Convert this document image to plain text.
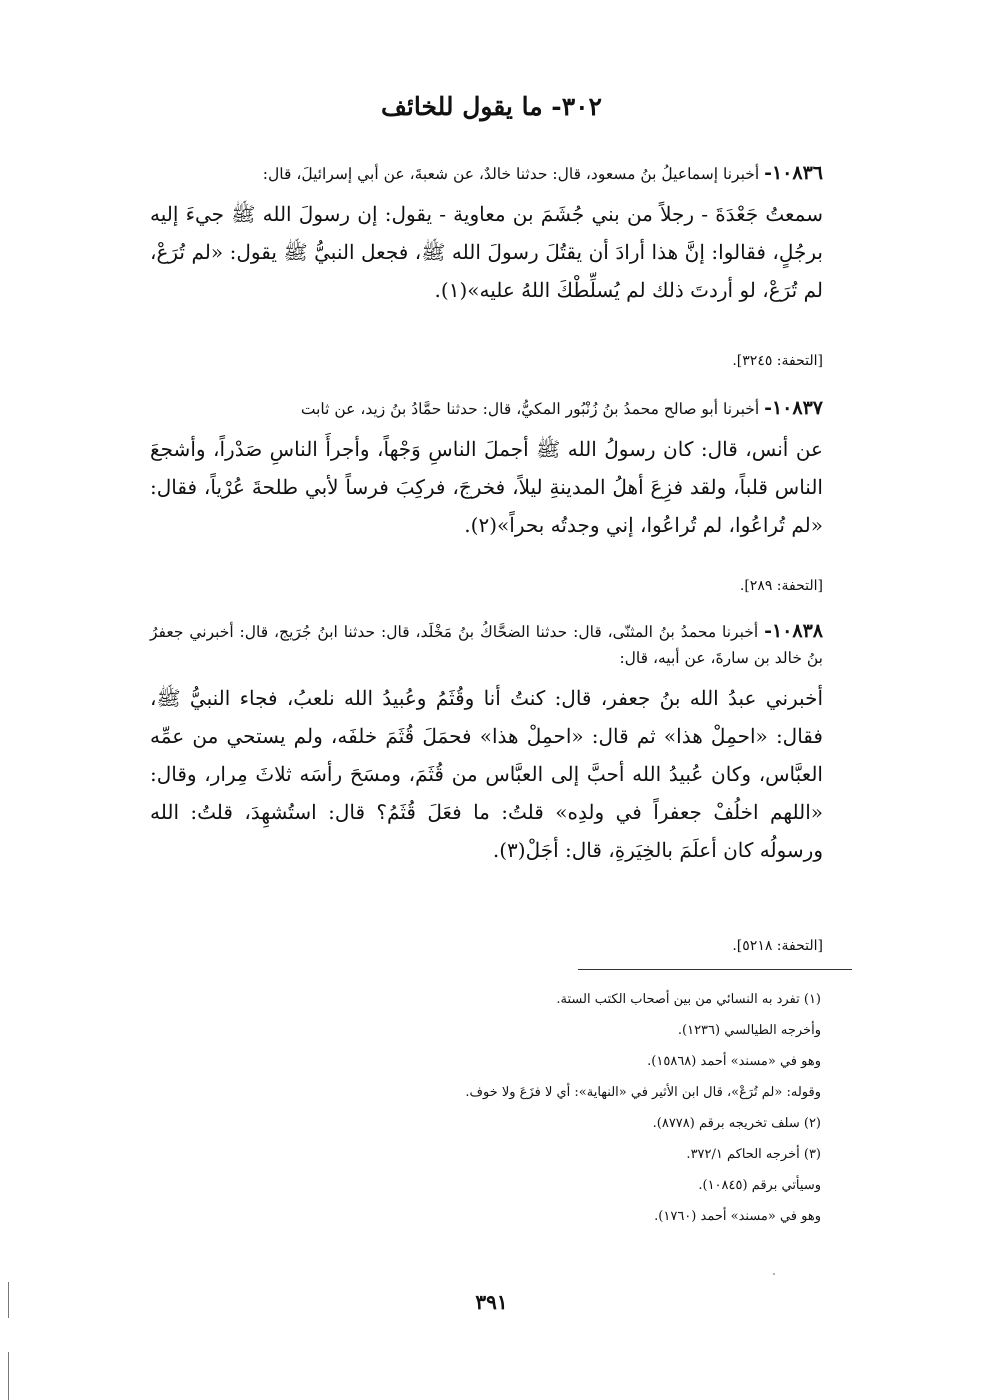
٣٠٢- ما يقول للخائف
١٠٨٣٦- أخبرنا إسماعيلُ بنُ مسعود، قال: حدثنا خالدٌ، عن شعبةَ، عن أبي إسرائيلَ، قال:
سمعتُ جَعْدَةَ - رجلاً من بني جُشَمَ بن معاوية - يقول: إن رسولَ الله ﷺ جيءَ إليه برجُلٍ، فقالوا: إنَّ هذا أرادَ أن يقتُلَ رسولَ الله ﷺ، فجعل النبيُّ ﷺ يقول: «لم تُرَعْ، لم تُرَعْ، لو أردتَ ذلك لم يُسلِّطْكَ اللهُ عليه»(١).
[التحفة: ٣٢٤٥].
١٠٨٣٧- أخبرنا أبو صالح محمدُ بنُ زُنْبُور المكيُّ، قال: حدثنا حمَّادُ بنُ زيد، عن ثابت
عن أنس، قال: كان رسولُ الله ﷺ أجملَ الناسِ وَجْهاً، وأجرأَ الناسِ صَدْراً، وأشجعَ الناس قلباً، ولقد فزِعَ أهلُ المدينةِ ليلاً، فخرجَ، فركِبَ فرساً لأبي طلحةَ عُرْياً، فقال: «لم تُراعُوا، لم تُراعُوا، إني وجدتُه بحراً»(٢).
[التحفة: ٢٨٩].
١٠٨٣٨- أخبرنا محمدُ بنُ المثنّى، قال: حدثنا الضحَّاكُ بنُ مَخْلَد، قال: حدثنا ابنُ جُرَيج، قال: أخبرني جعفرُ بنُ خالد بن سارةَ، عن أبيه، قال:
أخبرني عبدُ الله بنُ جعفر، قال: كنتُ أنا وقُثَمُ وعُبيدُ الله نلعبُ، فجاء النبيُّ ﷺ، فقال: «احمِلْ هذا» ثم قال: «احمِلْ هذا» فحمَلَ قُثَمَ خلفَه، ولم يستحي من عمِّه العبَّاس، وكان عُبيدُ الله أحبَّ إلى العبَّاس من قُثَمَ، ومسَحَ رأسَه ثلاثَ مِرار، وقال: «اللهم اخلُفْ جعفراً في ولدِه» قلتُ: ما فعَلَ قُثَمُ؟ قال: استُشهِدَ، قلتُ: الله ورسولُه كان أعلَمَ بالخِيَرةِ، قال: أجَلْ(٣).
[التحفة: ٥٢١٨].
(١) تفرد به النسائي من بين أصحاب الكتب الستة.
وأخرجه الطيالسي (١٢٣٦).
وهو في «مسند» أحمد (١٥٨٦٨).
وقوله: «لم تُرَعْ»، قال ابن الأثير في «النهاية»: أي لا فزَعَ ولا خوف.
(٢) سلف تخريجه برقم (٨٧٧٨).
(٣) أخرجه الحاكم ٣٧٢/١.
وسيأتي برقم (١٠٨٤٥).
وهو في «مسند» أحمد (١٧٦٠).
٣٩١
